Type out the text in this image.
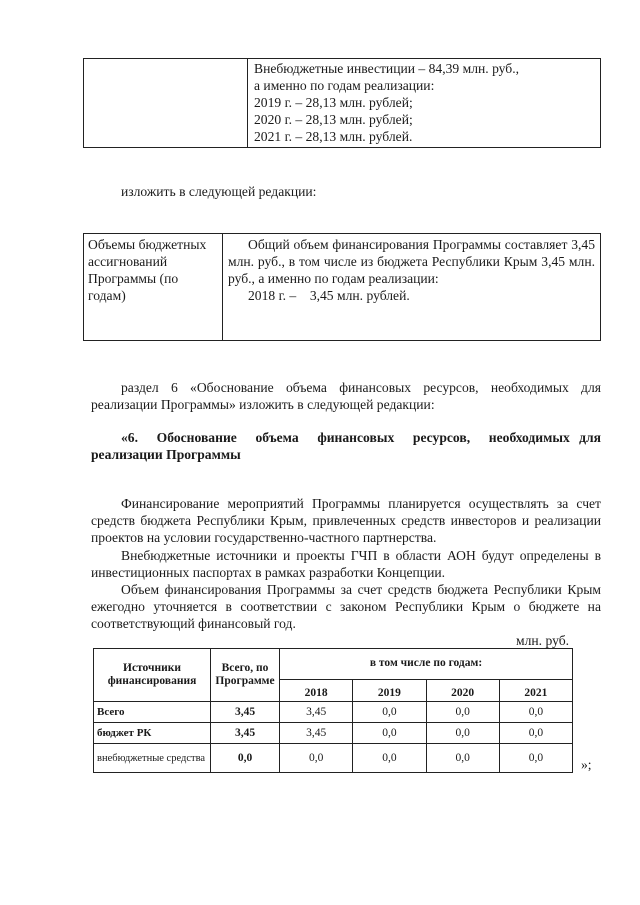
Внебюджетные инвестиции – 84,39 млн. руб.,
а именно по годам реализации:
2019 г. – 28,13 млн. рублей;
2020 г. – 28,13 млн. рублей;
2021 г. – 28,13 млн. рублей.
изложить в следующей редакции:
Объемы бюджетных ассигнований Программы (по годам)	
Общий объем финансирования Программы составляет 3,45 млн. руб., в том числе из бюджета Республики Крым 3,45 млн. руб., а именно по годам реализации:
2018 г. –    3,45 млн. рублей.
раздел 6 «Обоснование объема финансовых ресурсов, необходимых для реализации Программы» изложить в следующей редакции:
«6.  Обоснование  объема  финансовых  ресурсов,  необходимых для реализации Программы
Финансирование мероприятий Программы планируется осуществлять за счет средств бюджета Республики Крым, привлеченных средств инвесторов и реализации проектов на условии государственно-частного партнерства.
Внебюджетные источники и проекты ГЧП в области АОН будут определены в инвестиционных паспортах в рамках разработки Концепции.
Объем финансирования Программы за счет средств бюджета Республики Крым ежегодно уточняется в соответствии с законом Республики Крым о бюджете на соответствующий финансовый год.
млн. руб.
Источники финансирования	Всего, по Программе	в том числе по годам:			
		2018	2019	2020	2021
Всего	3,45	3,45	0,0	0,0	0,0
бюджет РК	3,45	3,45	0,0	0,0	0,0
внебюджетные средства	0,0	0,0	0,0	0,0	0,0	»;
